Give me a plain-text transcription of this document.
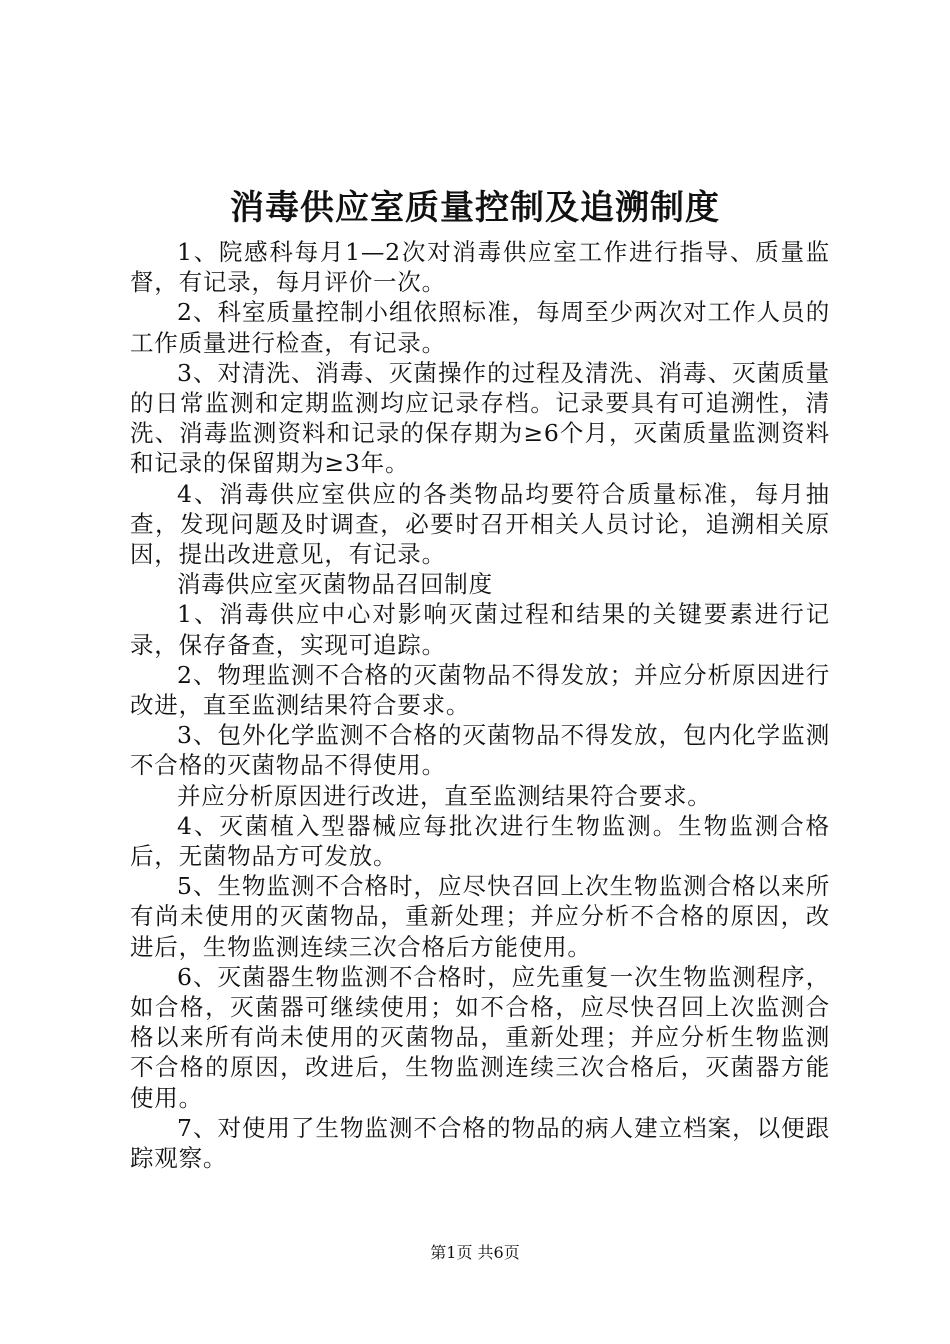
消毒供应室质量控制及追溯制度

1、院感科每月1—2次对消毒供应室工作进行指导、质量监督，有记录，每月评价一次。

2、科室质量控制小组依照标准，每周至少两次对工作人员的工作质量进行检查，有记录。

3、对清洗、消毒、灭菌操作的过程及清洗、消毒、灭菌质量的日常监测和定期监测均应记录存档。记录要具有可追溯性，清洗、消毒监测资料和记录的保存期为≥6个月，灭菌质量监测资料和记录的保留期为≥3年。

4、消毒供应室供应的各类物品均要符合质量标准，每月抽查，发现问题及时调查，必要时召开相关人员讨论，追溯相关原因，提出改进意见，有记录。

消毒供应室灭菌物品召回制度

1、消毒供应中心对影响灭菌过程和结果的关键要素进行记录，保存备查，实现可追踪。

2、物理监测不合格的灭菌物品不得发放；并应分析原因进行改进，直至监测结果符合要求。

3、包外化学监测不合格的灭菌物品不得发放，包内化学监测不合格的灭菌物品不得使用。

并应分析原因进行改进，直至监测结果符合要求。

4、灭菌植入型器械应每批次进行生物监测。生物监测合格后，无菌物品方可发放。

5、生物监测不合格时，应尽快召回上次生物监测合格以来所有尚未使用的灭菌物品，重新处理；并应分析不合格的原因，改进后，生物监测连续三次合格后方能使用。

6、灭菌器生物监测不合格时，应先重复一次生物监测程序，如合格，灭菌器可继续使用；如不合格，应尽快召回上次监测合格以来所有尚未使用的灭菌物品，重新处理；并应分析生物监测不合格的原因，改进后，生物监测连续三次合格后，灭菌器方能使用。

7、对使用了生物监测不合格的物品的病人建立档案，以便跟踪观察。

第1页 共6页
